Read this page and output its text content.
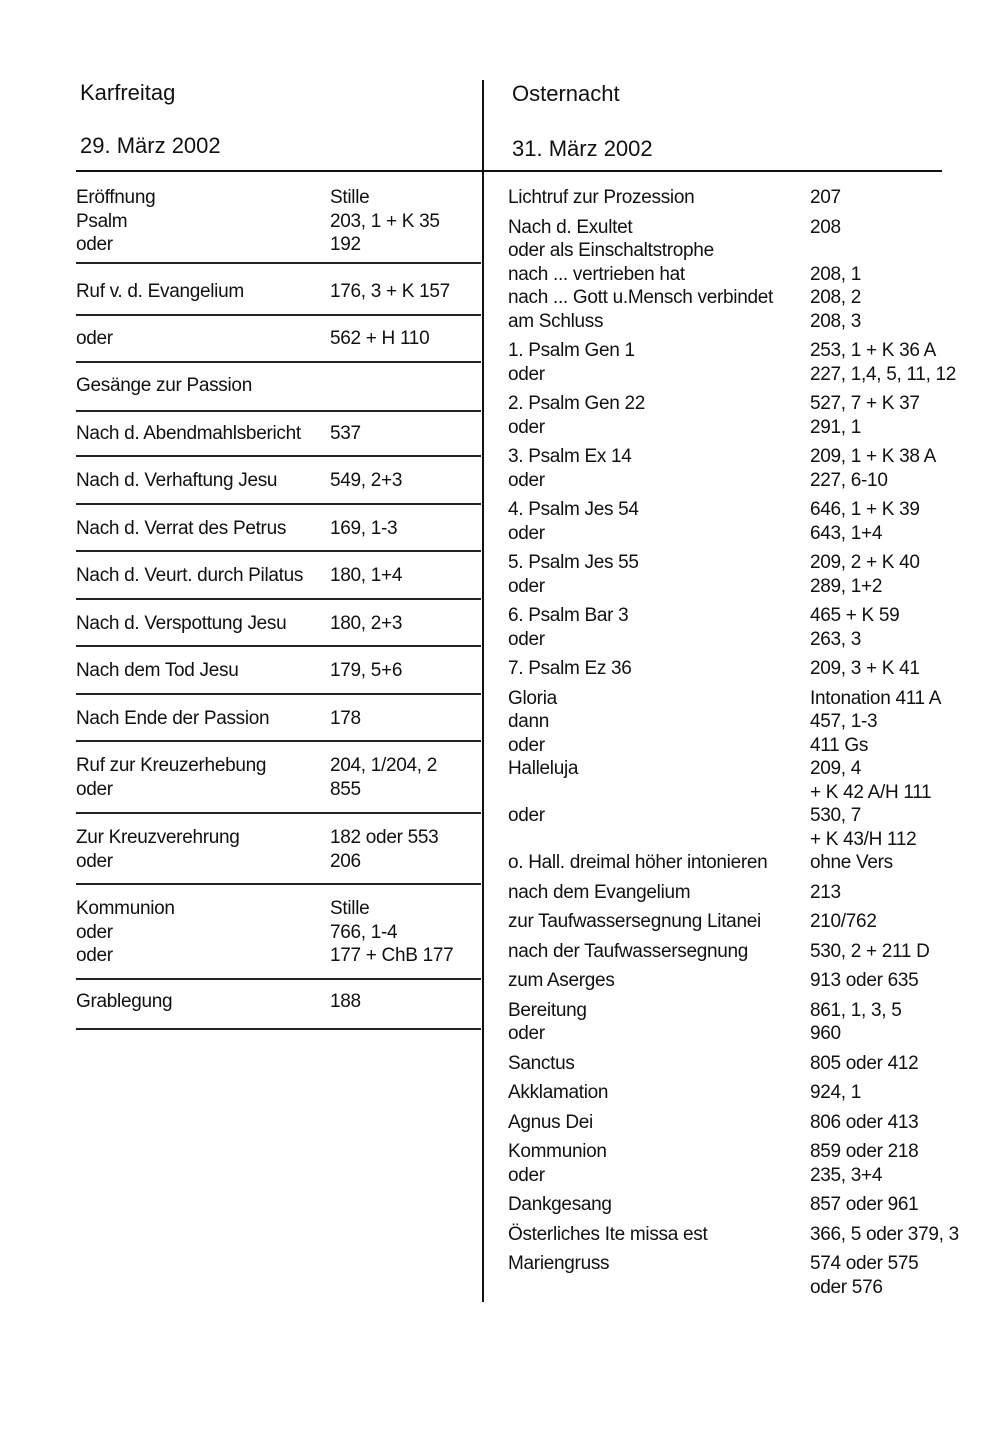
Karfreitag
29. März 2002
Osternacht
31. März 2002
Eröffnung	Stille
Psalm	203, 1 + K 35
oder	192
Ruf v. d. Evangelium	176, 3 + K 157
oder	562 + H 110
Gesänge zur Passion
Nach d. Abendmahlsbericht	537
Nach d. Verhaftung Jesu	549, 2+3
Nach d. Verrat des Petrus	169, 1-3
Nach d. Veurt. durch Pilatus	180, 1+4
Nach d. Verspottung Jesu	180, 2+3
Nach dem Tod Jesu	179, 5+6
Nach Ende der Passion	178
Ruf zur Kreuzerhebung	204, 1/204, 2
oder	855
Zur Kreuzverehrung	182 oder 553
oder	206
Kommunion	Stille
oder	766, 1-4
oder	177 + ChB 177
Grablegung	188
Lichtruf zur Prozession	207
Nach d. Exultet	208
oder als Einschaltstrophe
nach ... vertrieben hat	208, 1
nach ... Gott u.Mensch verbindet	208, 2
am Schluss	208, 3
1. Psalm Gen 1	253, 1 + K 36 A
oder	227, 1,4, 5, 11, 12
2. Psalm Gen 22	527, 7 + K 37
oder	291, 1
3. Psalm Ex 14	209, 1 + K 38 A
oder	227, 6-10
4. Psalm Jes 54	646, 1 + K 39
oder	643, 1+4
5. Psalm Jes 55	209, 2 + K 40
oder	289, 1+2
6. Psalm Bar 3	465 + K 59
oder	263, 3
7. Psalm Ez 36	209, 3 + K 41
Gloria	Intonation 411 A
dann	457, 1-3
oder	411 Gs
Halleluja	209, 4
+ K 42 A/H 111
oder	530, 7
+ K 43/H 112
o. Hall. dreimal höher intonieren	ohne Vers
nach dem Evangelium	213
zur Taufwassersegnung Litanei	210/762
nach der Taufwassersegnung	530, 2 + 211 D
zum Aserges	913 oder 635
Bereitung	861, 1, 3, 5
oder	960
Sanctus	805 oder 412
Akklamation	924, 1
Agnus Dei	806 oder 413
Kommunion	859 oder 218
oder	235, 3+4
Dankgesang	857 oder 961
Österliches Ite missa est	366, 5 oder 379, 3
Mariengruss	574 oder 575
oder 576
